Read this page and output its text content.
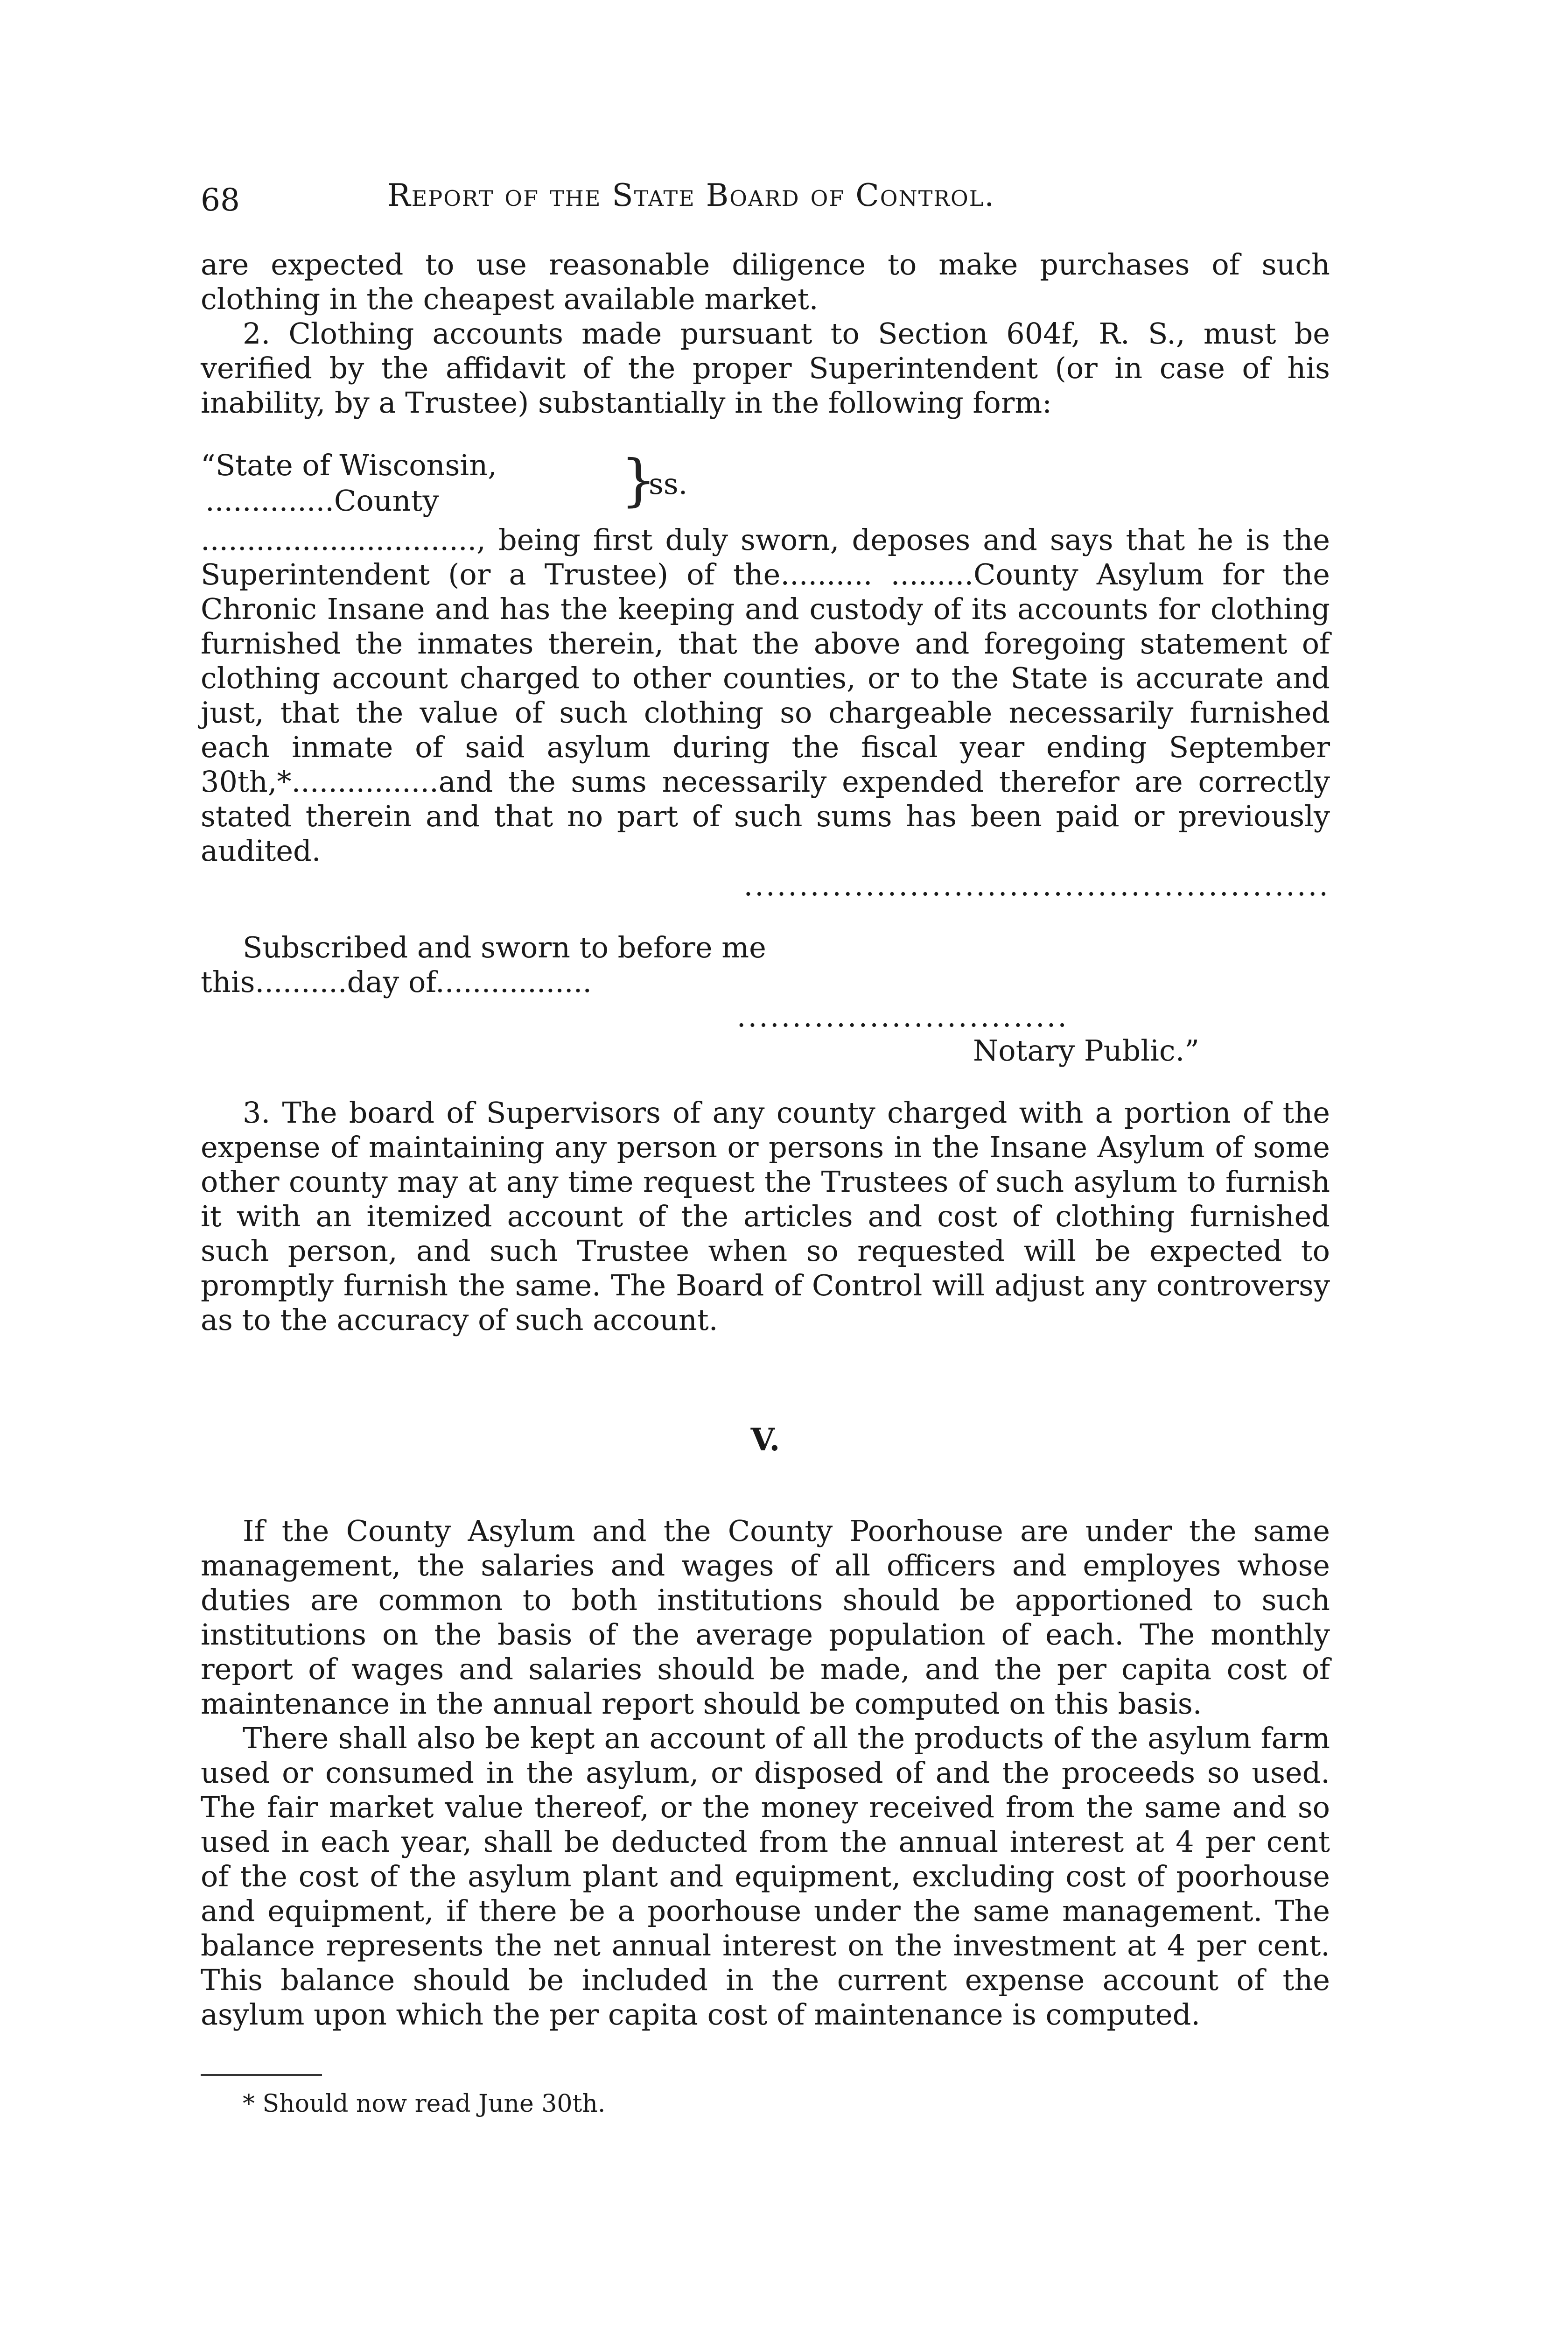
68	Report of the State Board of Control.

are expected to use reasonable diligence to make purchases of such clothing in the cheapest available market.

2. Clothing accounts made pursuant to Section 604f, R. S., must be verified by the affidavit of the proper Superintendent (or in case of his inability, by a Trustee) substantially in the following form:

“State of Wisconsin,
..............County	}
ss.

.............................., being first duly sworn, deposes and says that he is the Superintendent (or a Trustee) of the.......... .........County Asylum for the Chronic Insane and has the keeping and custody of its accounts for clothing furnished the inmates therein, that the above and foregoing statement of clothing account charged to other counties, or to the State is accurate and just, that the value of such clothing so chargeable necessarily furnished each inmate of said asylum during the fiscal year ending September 30th,*................and the sums necessarily expended therefor are correctly stated therein and that no part of such sums has been paid or previously audited.

.....................................................

Subscribed and sworn to before me

this..........day of.................

..............................
Notary Public.”

3. The board of Supervisors of any county charged with a portion of the expense of maintaining any person or persons in the Insane Asylum of some other county may at any time request the Trustees of such asylum to furnish it with an itemized account of the articles and cost of clothing furnished such person, and such Trustee when so requested will be expected to promptly furnish the same. The Board of Control will adjust any controversy as to the accuracy of such account.

V.

If the County Asylum and the County Poorhouse are under the same management, the salaries and wages of all officers and employes whose duties are common to both institutions should be apportioned to such institutions on the basis of the average population of each. The monthly report of wages and salaries should be made, and the per capita cost of maintenance in the annual report should be computed on this basis.

There shall also be kept an account of all the products of the asylum farm used or consumed in the asylum, or disposed of and the proceeds so used. The fair market value thereof, or the money received from the same and so used in each year, shall be deducted from the annual interest at 4 per cent of the cost of the asylum plant and equipment, excluding cost of poorhouse and equipment, if there be a poorhouse under the same management. The balance represents the net annual interest on the investment at 4 per cent. This balance should be included in the current expense account of the asylum upon which the per capita cost of maintenance is computed.

* Should now read June 30th.
